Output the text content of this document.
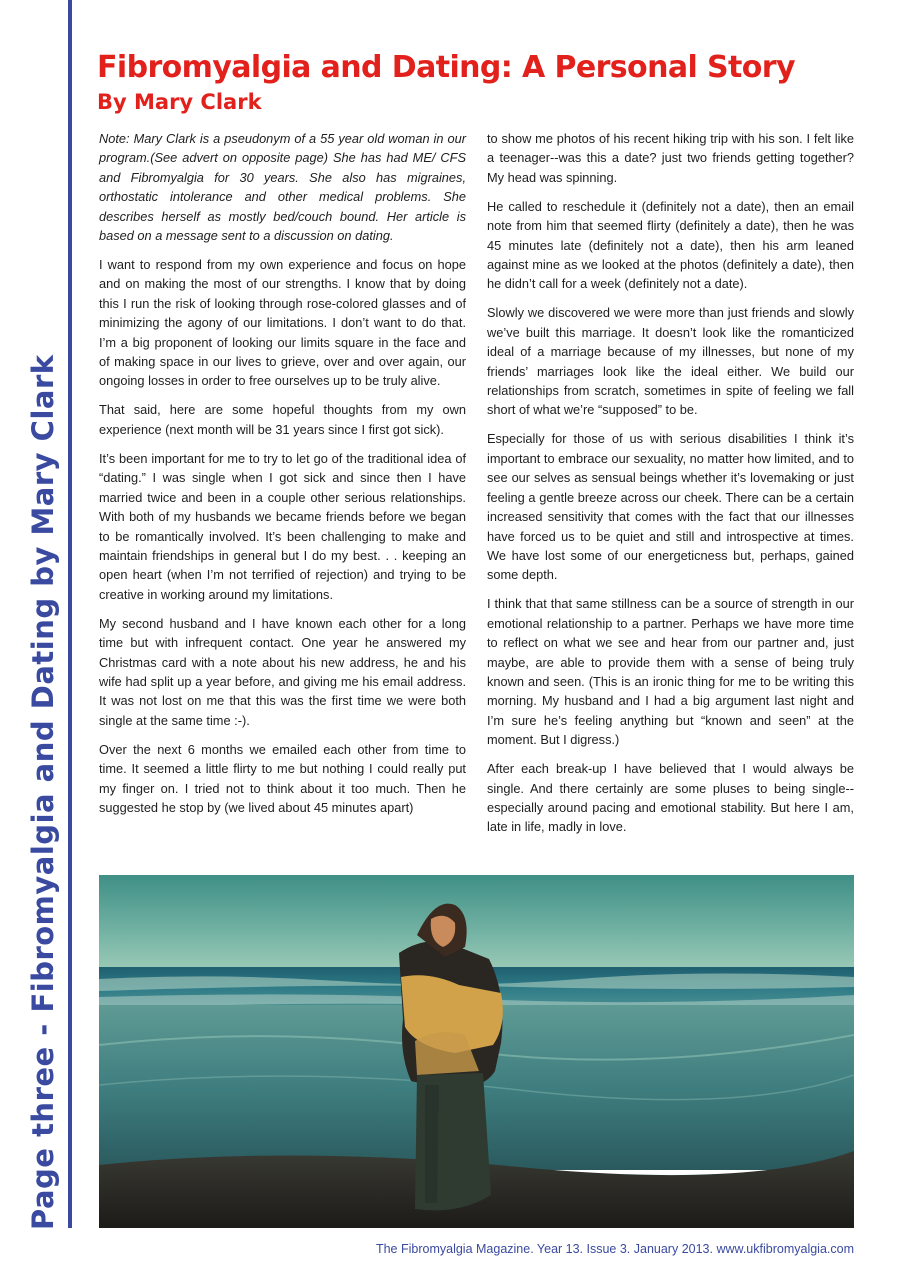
Page three - Fibromyalgia and Dating by Mary Clark
Fibromyalgia and Dating: A Personal Story
By Mary Clark

Note: Mary Clark is a pseudonym of a 55 year old woman in our program.(See advert on opposite page) She has had ME/ CFS and Fibromyalgia for 30 years. She also has migraines, orthostatic intolerance and other medical problems. She describes herself as mostly bed/couch bound. Her article is based on a message sent to a discussion on dating.

I want to respond from my own experience and focus on hope and on making the most of our strengths. I know that by doing this I run the risk of looking through rose-colored glasses and of minimizing the agony of our limitations. I don’t want to do that. I’m a big proponent of looking our limits square in the face and of making space in our lives to grieve, over and over again, our ongoing losses in order to free ourselves up to be truly alive.

That said, here are some hopeful thoughts from my own experience (next month will be 31 years since I first got sick).

It’s been important for me to try to let go of the traditional idea of “dating.” I was single when I got sick and since then I have married twice and been in a couple other serious relationships. With both of my husbands we became friends before we began to be romantically involved. It’s been challenging to make and maintain friendships in general but I do my best. . . keeping an open heart (when I’m not terrified of rejection) and trying to be creative in working around my limitations.

My second husband and I have known each other for a long time but with infrequent contact. One year he answered my Christmas card with a note about his new address, he and his wife had split up a year before, and giving me his email address. It was not lost on me that this was the first time we were both single at the same time :-).

Over the next 6 months we emailed each other from time to time. It seemed a little flirty to me but nothing I could really put my finger on. I tried not to think about it too much. Then he suggested he stop by (we lived about 45 minutes apart)

to show me photos of his recent hiking trip with his son. I felt like a teenager--was this a date? just two friends getting together? My head was spinning.

He called to reschedule it (definitely not a date), then an email note from him that seemed flirty (definitely a date), then he was 45 minutes late (definitely not a date), then his arm leaned against mine as we looked at the photos (definitely a date), then he didn’t call for a week (definitely not a date).

Slowly we discovered we were more than just friends and slowly we’ve built this marriage. It doesn’t look like the romanticized ideal of a marriage because of my illnesses, but none of my friends’ marriages look like the ideal either. We build our relationships from scratch, sometimes in spite of feeling we fall short of what we’re “supposed” to be.

Especially for those of us with serious disabilities I think it’s important to embrace our sexuality, no matter how limited, and to see our selves as sensual beings whether it’s lovemaking or just feeling a gentle breeze across our cheek. There can be a certain increased sensitivity that comes with the fact that our illnesses have forced us to be quiet and still and introspective at times. We have lost some of our energeticness but, perhaps, gained some depth.

I think that that same stillness can be a source of strength in our emotional relationship to a partner. Perhaps we have more time to reflect on what we see and hear from our partner and, just maybe, are able to provide them with a sense of being truly known and seen. (This is an ironic thing for me to be writing this morning. My husband and I had a big argument last night and I’m sure he’s feeling anything but “known and seen” at the moment. But I digress.)

After each break-up I have believed that I would always be single. And there certainly are some pluses to being single--especially around pacing and emotional stability. But here I am, late in life, madly in love.

The Fibromyalgia Magazine. Year 13. Issue 3. January 2013. www.ukfibromyalgia.com
